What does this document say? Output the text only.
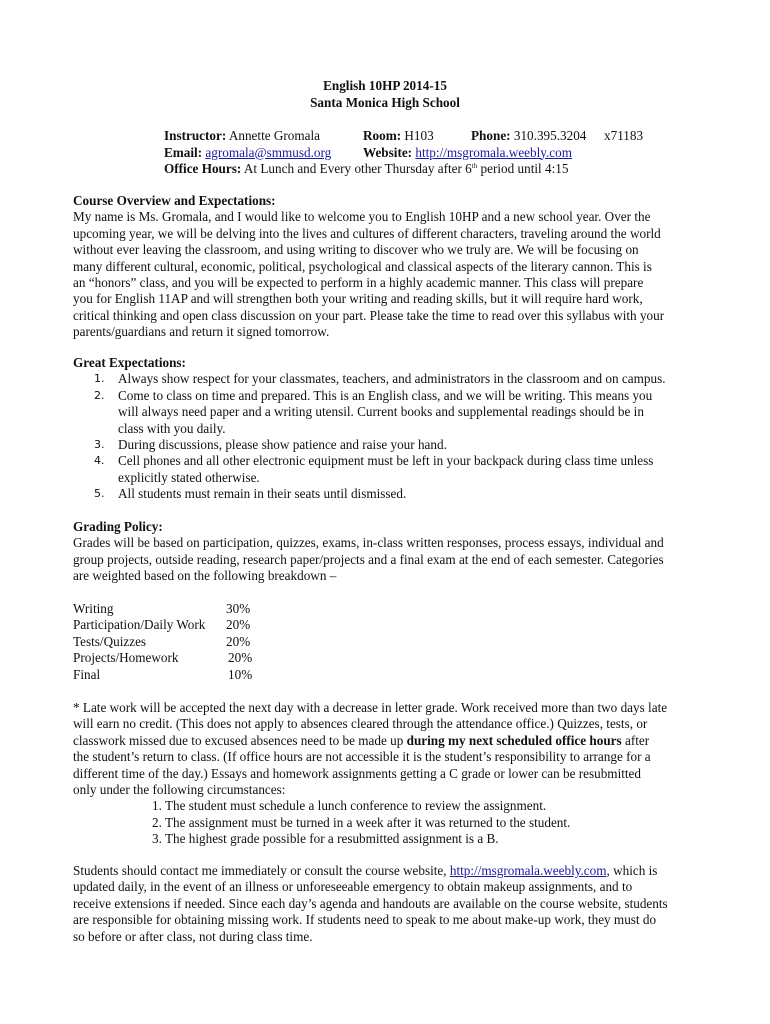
English 10HP 2014-15
Santa Monica High School
Instructor: Annette Gromala	Room: H103	Phone: 310.395.3204 x71183
Email: agromala@smmusd.org Website: http://msgromala.weebly.com
Office Hours: At Lunch and Every other Thursday after 6th period until 4:15

Course Overview and Expectations:

My name is Ms. Gromala, and I would like to welcome you to English 10HP and a new school year. Over the

upcoming year, we will be delving into the lives and cultures of different characters, traveling around the world

without ever leaving the classroom, and using writing to discover who we truly are. We will be focusing on

many different cultural, economic, political, psychological and classical aspects of the literary cannon. This is

an “honors” class, and you will be expected to perform in a highly academic manner. This class will prepare

you for English 11AP and will strengthen both your writing and reading skills, but it will require hard work,

critical thinking and open class discussion on your part. Please take the time to read over this syllabus with your

parents/guardians and return it signed tomorrow.

Great Expectations:

1. Always show respect for your classmates, teachers, and administrators in the classroom and on campus.
2. Come to class on time and prepared. This is an English class, and we will be writing. This means you
will always need paper and a writing utensil. Current books and supplemental readings should be in
class with you daily.
3. During discussions, please show patience and raise your hand.
4. Cell phones and all other electronic equipment must be left in your backpack during class time unless
explicitly stated otherwise.
5. All students must remain in their seats until dismissed.

Grading Policy:

Grades will be based on participation, quizzes, exams, in-class written responses, process essays, individual and

group projects, outside reading, research paper/projects and a final exam at the end of each semester. Categories

are weighted based on the following breakdown –

Writing	30%
Participation/Daily Work 20%
Tests/Quizzes	20%
Projects/Homework	20%
Final	10%

* Late work will be accepted the next day with a decrease in letter grade. Work received more than two days late

will earn no credit. (This does not apply to absences cleared through the attendance office.) Quizzes, tests, or

classwork missed due to excused absences need to be made up during my next scheduled office hours after

the student’s return to class. (If office hours are not accessible it is the student’s responsibility to arrange for a

different time of the day.) Essays and homework assignments getting a C grade or lower can be resubmitted

only under the following circumstances:

1. The student must schedule a lunch conference to review the assignment.

2. The assignment must be turned in a week after it was returned to the student.

3. The highest grade possible for a resubmitted assignment is a B.

Students should contact me immediately or consult the course website, http://msgromala.weebly.com, which is

updated daily, in the event of an illness or unforeseeable emergency to obtain makeup assignments, and to

receive extensions if needed. Since each day’s agenda and handouts are available on the course website, students

are responsible for obtaining missing work. If students need to speak to me about make-up work, they must do

so before or after class, not during class time.
